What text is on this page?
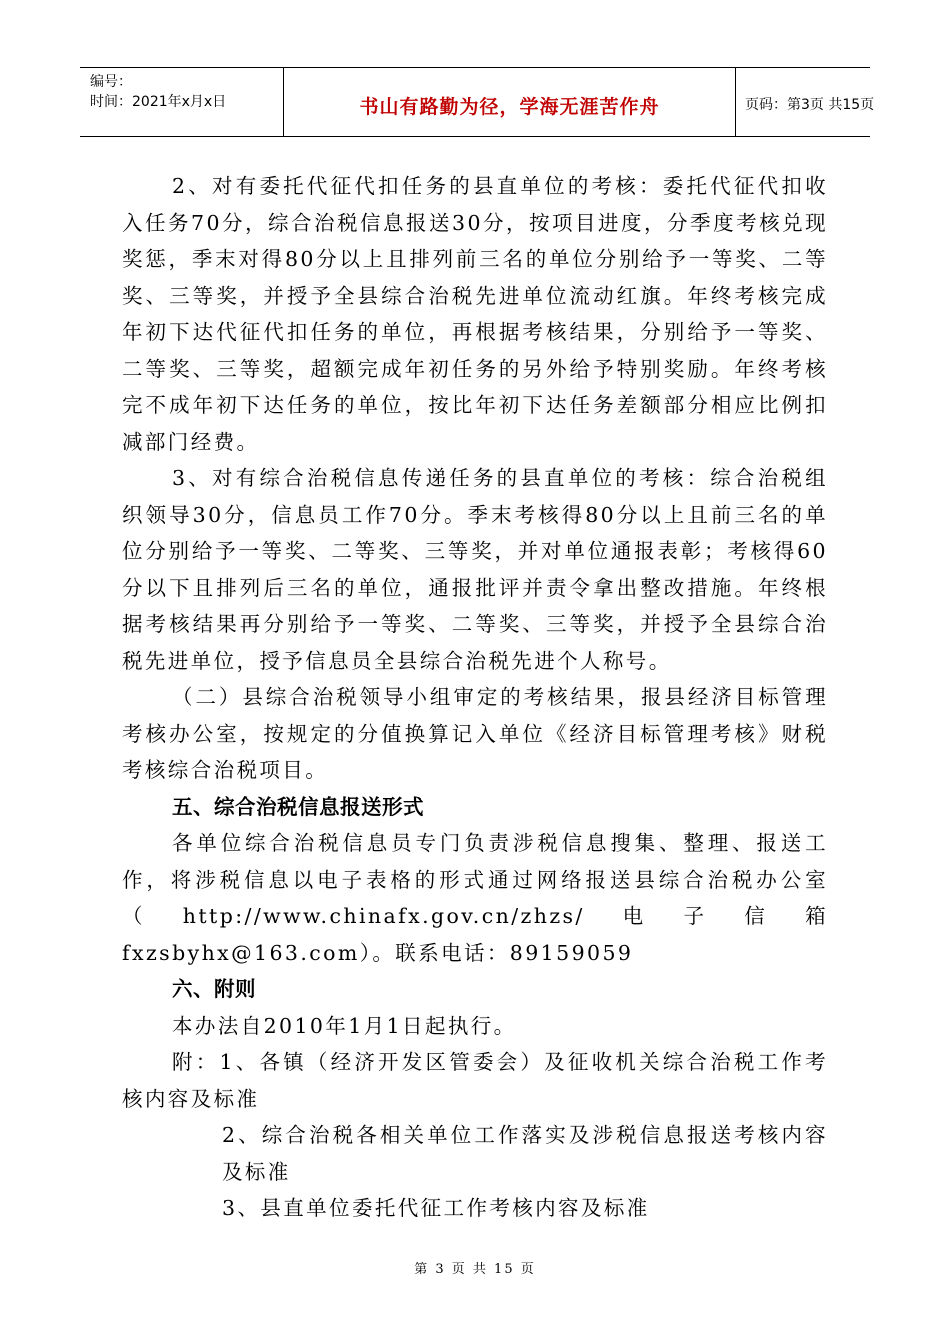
编号：
时间：2021年x月x日	书山有路勤为径，学海无涯苦作舟	页码：第3页 共15页

2、对有委托代征代扣任务的县直单位的考核：委托代征代扣收入任务70分，综合治税信息报送30分，按项目进度，分季度考核兑现奖惩，季末对得80分以上且排列前三名的单位分别给予一等奖、二等奖、三等奖，并授予全县综合治税先进单位流动红旗。年终考核完成年初下达代征代扣任务的单位，再根据考核结果，分别给予一等奖、二等奖、三等奖，超额完成年初任务的另外给予特别奖励。年终考核完不成年初下达任务的单位，按比年初下达任务差额部分相应比例扣减部门经费。

3、对有综合治税信息传递任务的县直单位的考核：综合治税组织领导30分，信息员工作70分。季末考核得80分以上且前三名的单位分别给予一等奖、二等奖、三等奖，并对单位通报表彰；考核得60分以下且排列后三名的单位，通报批评并责令拿出整改措施。年终根据考核结果再分别给予一等奖、二等奖、三等奖，并授予全县综合治税先进单位，授予信息员全县综合治税先进个人称号。

（二）县综合治税领导小组审定的考核结果，报县经济目标管理考核办公室，按规定的分值换算记入单位《经济目标管理考核》财税考核综合治税项目。

五、综合治税信息报送形式

各单位综合治税信息员专门负责涉税信息搜集、整理、报送工作，将涉税信息以电子表格的形式通过网络报送县综合治税办公室（http://www.chinafx.gov.cn/zhzs/电子信箱fxzsbyhx@163.com）。联系电话：89159059

六、附则

本办法自2010年1月1日起执行。

附：1、各镇（经济开发区管委会）及征收机关综合治税工作考核内容及标准

2、综合治税各相关单位工作落实及涉税信息报送考核内容及标准

3、县直单位委托代征工作考核内容及标准

第 3 页 共 15 页
